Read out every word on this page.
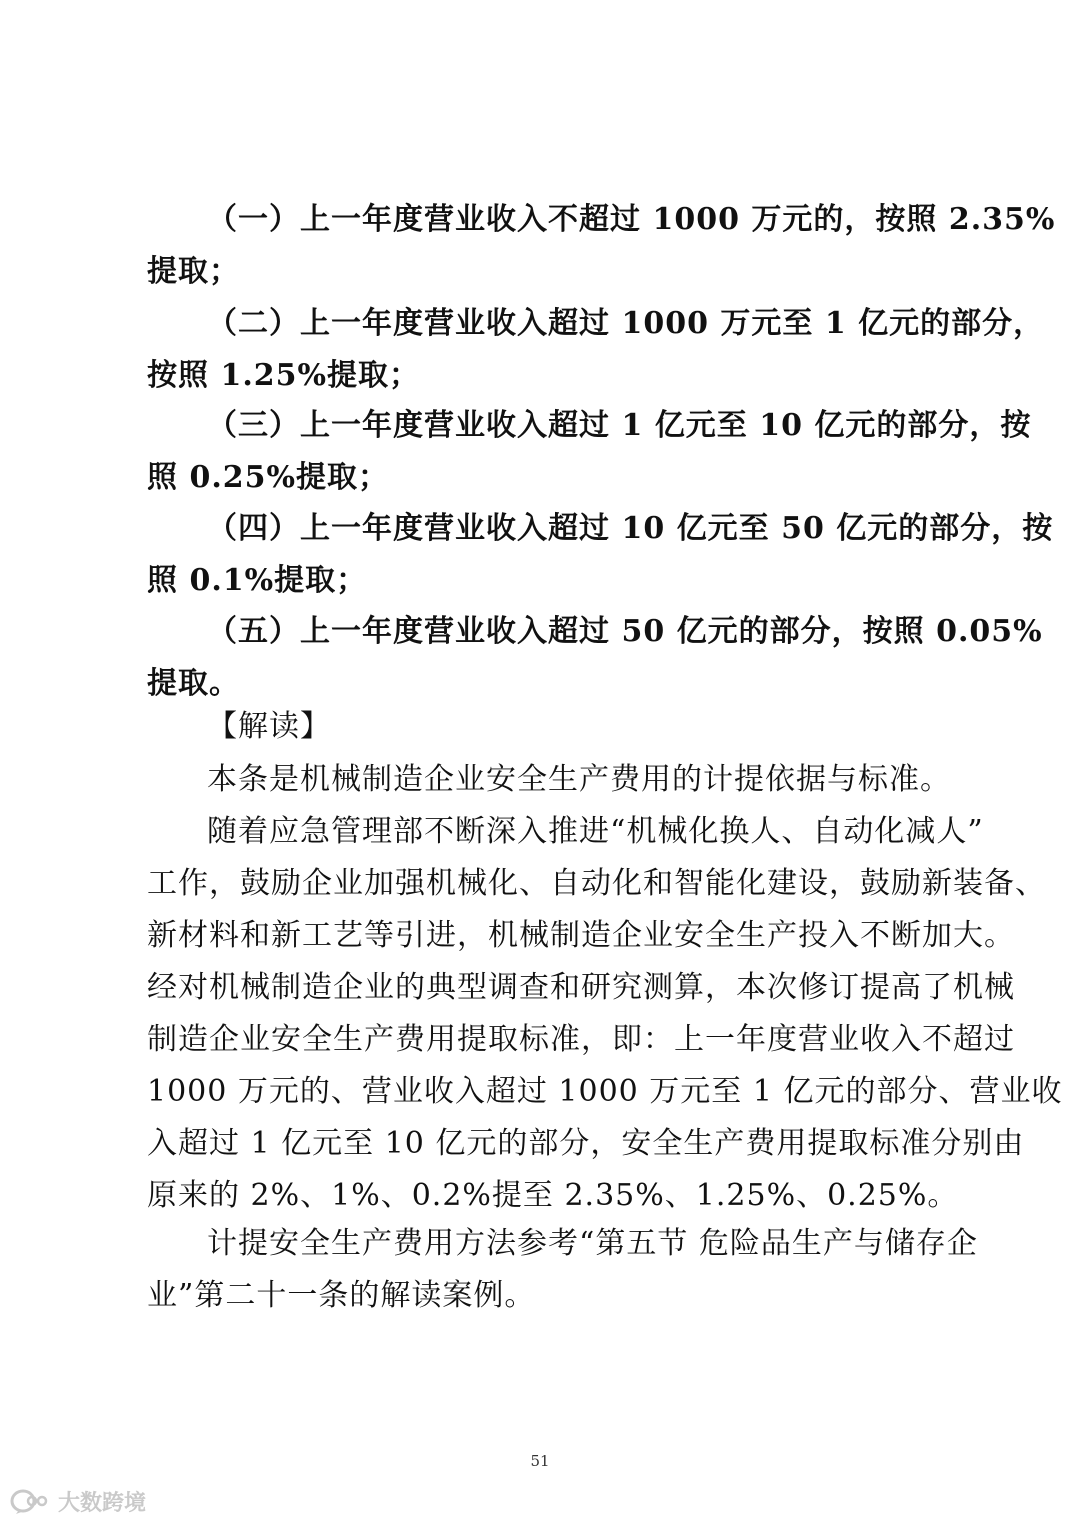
（一）上一年度营业收入不超过 1000 万元的，按照 2.35%
提取；
（二）上一年度营业收入超过 1000 万元至 1 亿元的部分，
按照 1.25%提取；
（三）上一年度营业收入超过 1 亿元至 10 亿元的部分，按
照 0.25%提取；
（四）上一年度营业收入超过 10 亿元至 50 亿元的部分，按
照 0.1%提取；
（五）上一年度营业收入超过 50 亿元的部分，按照 0.05%
提取。
【解读】
本条是机械制造企业安全生产费用的计提依据与标准。
随着应急管理部不断深入推进“机械化换人、自动化减人”
工作，鼓励企业加强机械化、自动化和智能化建设，鼓励新装备、
新材料和新工艺等引进，机械制造企业安全生产投入不断加大。
经对机械制造企业的典型调查和研究测算，本次修订提高了机械
制造企业安全生产费用提取标准，即：上一年度营业收入不超过
1000 万元的、营业收入超过 1000 万元至 1 亿元的部分、营业收
入超过 1 亿元至 10 亿元的部分，安全生产费用提取标准分别由
原来的 2%、1%、0.2%提至 2.35%、1.25%、0.25%。
计提安全生产费用方法参考“第五节 危险品生产与储存企
业”第二十一条的解读案例。
51
大数跨境
